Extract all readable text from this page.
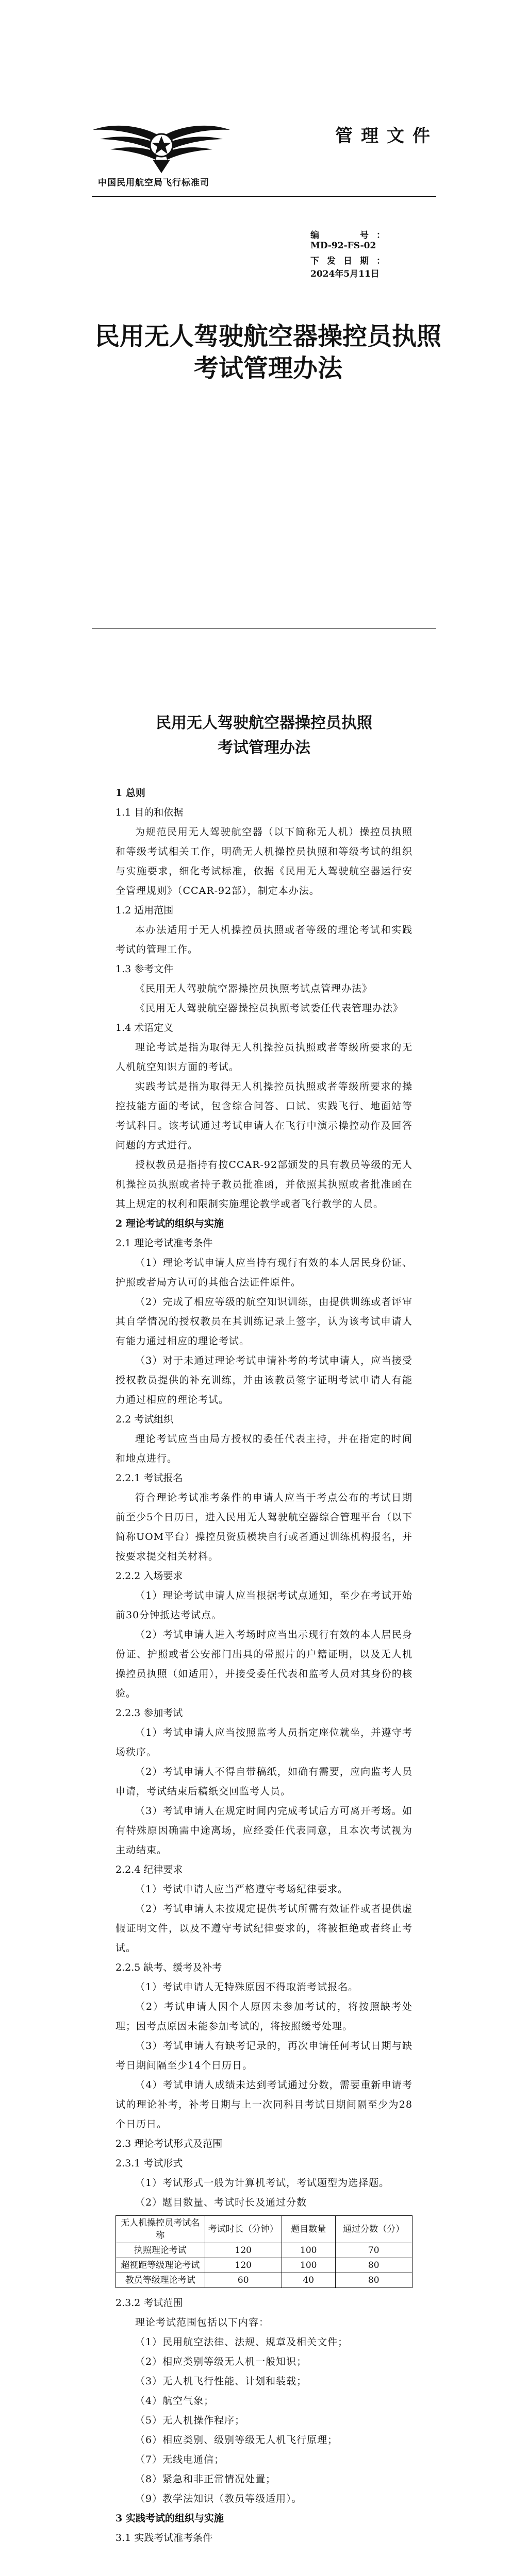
中国民用航空局飞行标准司
管理文件
编　　号：MD-92-FS-02
下发日期：2024年5月11日
民用无人驾驶航空器操控员执照
考试管理办法
民用无人驾驶航空器操控员执照
考试管理办法
1 总则
1.1 目的和依据
为规范民用无人驾驶航空器（以下简称无人机）操控员执照和等级考试相关工作，明确无人机操控员执照和等级考试的组织与实施要求，细化考试标准，依据《民用无人驾驶航空器运行安全管理规则》（CCAR-92部），制定本办法。
1.2 适用范围
本办法适用于无人机操控员执照或者等级的理论考试和实践考试的管理工作。
1.3 参考文件
《民用无人驾驶航空器操控员执照考试点管理办法》
《民用无人驾驶航空器操控员执照考试委任代表管理办法》
1.4 术语定义
理论考试是指为取得无人机操控员执照或者等级所要求的无人机航空知识方面的考试。
实践考试是指为取得无人机操控员执照或者等级所要求的操控技能方面的考试，包含综合问答、口试、实践飞行、地面站等考试科目。该考试通过考试申请人在飞行中演示操控动作及回答问题的方式进行。
授权教员是指持有按CCAR-92部颁发的具有教员等级的无人机操控员执照或者持子教员批准函，并依照其执照或者批准函在其上规定的权利和限制实施理论教学或者飞行教学的人员。
2 理论考试的组织与实施
2.1 理论考试准考条件
（1）理论考试申请人应当持有现行有效的本人居民身份证、护照或者局方认可的其他合法证件原件。
（2）完成了相应等级的航空知识训练，由提供训练或者评审其自学情况的授权教员在其训练记录上签字，认为该考试申请人有能力通过相应的理论考试。
（3）对于未通过理论考试申请补考的考试申请人，应当接受授权教员提供的补充训练，并由该教员签字证明考试申请人有能力通过相应的理论考试。
2.2 考试组织
理论考试应当由局方授权的委任代表主持，并在指定的时间和地点进行。
2.2.1 考试报名
符合理论考试准考条件的申请人应当于考点公布的考试日期前至少5个日历日，进入民用无人驾驶航空器综合管理平台（以下简称UOM平台）操控员资质模块自行或者通过训练机构报名，并按要求提交相关材料。
2.2.2 入场要求
（1）理论考试申请人应当根据考试点通知，至少在考试开始前30分钟抵达考试点。
（2）考试申请人进入考场时应当出示现行有效的本人居民身份证、护照或者公安部门出具的带照片的户籍证明，以及无人机操控员执照（如适用），并接受委任代表和监考人员对其身份的核验。
2.2.3 参加考试
（1）考试申请人应当按照监考人员指定座位就坐，并遵守考场秩序。
（2）考试申请人不得自带稿纸，如确有需要，应向监考人员申请，考试结束后稿纸交回监考人员。
（3）考试申请人在规定时间内完成考试后方可离开考场。如有特殊原因确需中途离场，应经委任代表同意，且本次考试视为主动结束。
2.2.4 纪律要求
（1）考试申请人应当严格遵守考场纪律要求。
（2）考试申请人未按规定提供考试所需有效证件或者提供虚假证明文件，以及不遵守考试纪律要求的，将被拒绝或者终止考试。
2.2.5 缺考、缓考及补考
（1）考试申请人无特殊原因不得取消考试报名。
（2）考试申请人因个人原因未参加考试的，将按照缺考处理；因考点原因未能参加考试的，将按照缓考处理。
（3）考试申请人有缺考记录的，再次申请任何考试日期与缺考日期间隔至少14个日历日。
（4）考试申请人成绩未达到考试通过分数，需要重新申请考试的理论补考，补考日期与上一次同科目考试日期间隔至少为28个日历日。
2.3 理论考试形式及范围
2.3.1 考试形式
（1）考试形式一般为计算机考试，考试题型为选择题。
（2）题目数量、考试时长及通过分数
无人机操控员考试名称	考试时长（分钟）	题目数量	通过分数（分）
执照理论考试	120	100	70
超视距等级理论考试	120	100	80
教员等级理论考试	60	40	80
2.3.2 考试范围
理论考试范围包括以下内容：
（1）民用航空法律、法规、规章及相关文件；
（2）相应类别等级无人机一般知识；
（3）无人机飞行性能、计划和装载；
（4）航空气象；
（5）无人机操作程序；
（6）相应类别、级别等级无人机飞行原理；
（7）无线电通信；
（8）紧急和非正常情况处置；
（9）教学法知识（教员等级适用）。
3 实践考试的组织与实施
3.1 实践考试准考条件
